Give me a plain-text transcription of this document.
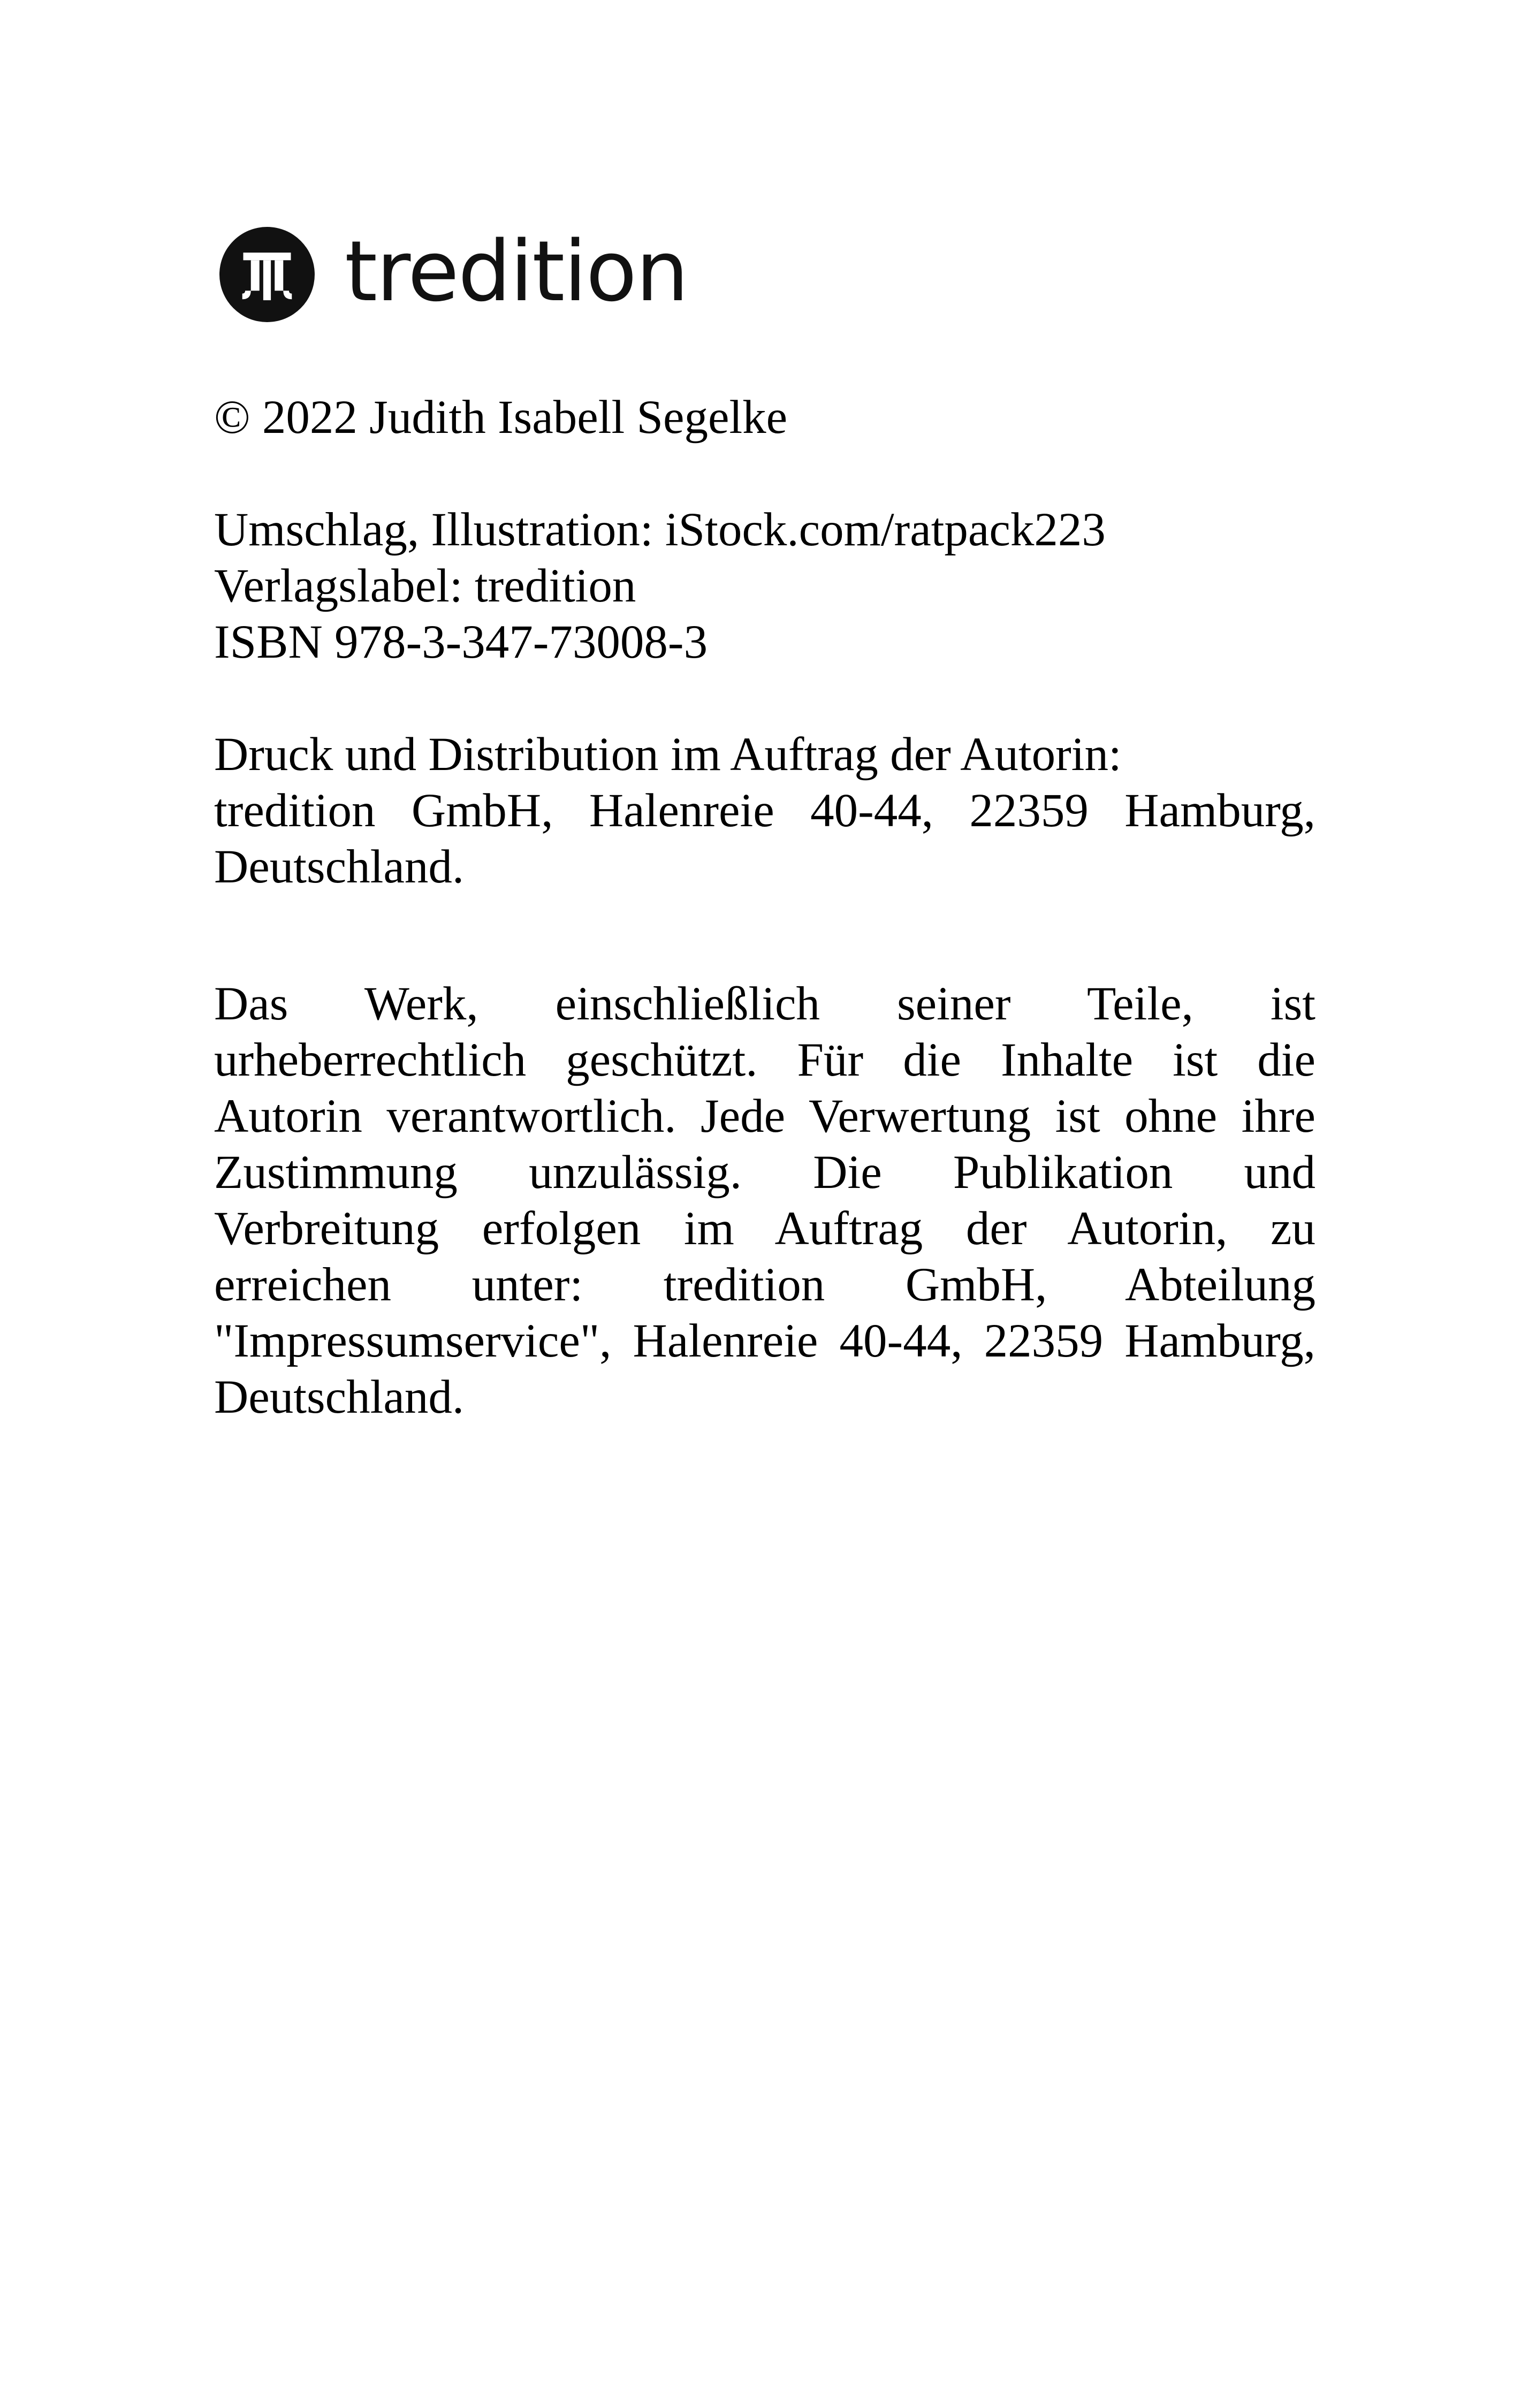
tredition
© 2022 Judith Isabell Segelke
Umschlag, Illustration: iStock.com/ratpack223
Verlagslabel: tredition
ISBN 978-3-347-73008-3
Druck und Distribution im Auftrag der Autorin:
tredition GmbH, Halenreie 40-44, 22359 Hamburg,
Deutschland.
Das Werk, einschließlich seiner Teile, ist
urheberrechtlich geschützt. Für die Inhalte ist die
Autorin verantwortlich. Jede Verwertung ist ohne ihre
Zustimmung unzulässig. Die Publikation und
Verbreitung erfolgen im Auftrag der Autorin, zu
erreichen unter: tredition GmbH, Abteilung
"Impressumservice", Halenreie 40-44, 22359 Hamburg,
Deutschland.
